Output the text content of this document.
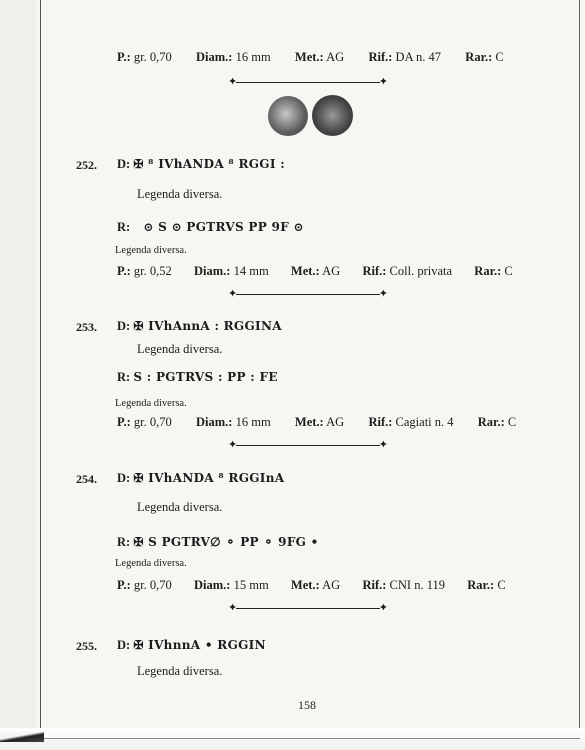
P.: gr. 0,70 Diam.: 16 mm Met.: AG Rif.: DA n. 47 Rar.: C
✦	✦
252. D: ✠ ⁸ IVhANDA ⁸ RGGI :
Legenda diversa.
R: ⊙ S ⊙ PGTRVS PP 9F ⊙
Legenda diversa.
P.: gr. 0,52 Diam.: 14 mm Met.: AG Rif.: Coll. privata Rar.: C
✦	✦
253. D: ✠ IVhAnnA : RGGINA
Legenda diversa.
R: S : PGTRVS : PP : FE
Legenda diversa.
P.: gr. 0,70 Diam.: 16 mm Met.: AG Rif.: Cagiati n. 4 Rar.: C
✦	✦
254. D: ✠ IVhANDA ⁸ RGGInA
Legenda diversa.
R: ✠ S PGTRV∅ ⚬ PP ⚬ 9FG •
Legenda diversa.
P.: gr. 0,70 Diam.: 15 mm Met.: AG Rif.: CNI n. 119 Rar.: C
✦	✦
255. D: ✠ IVhnnA • RGGIN
Legenda diversa.
158
